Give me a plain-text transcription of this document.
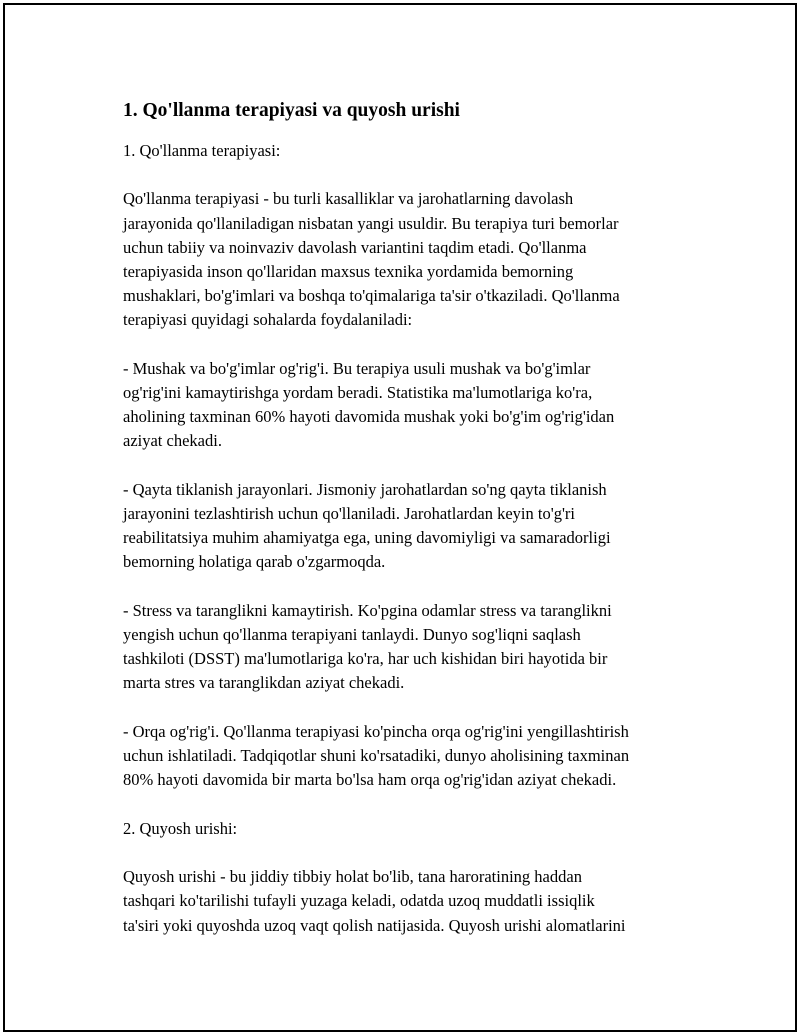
1. Qo'llanma terapiyasi va quyosh urishi
1. Qo'llanma terapiyasi:

Qo'llanma terapiyasi - bu turli kasalliklar va jarohatlarning davolash
jarayonida qo'llaniladigan nisbatan yangi usuldir. Bu terapiya turi bemorlar
uchun tabiiy va noinvaziv davolash variantini taqdim etadi. Qo'llanma
terapiyasida inson qo'llaridan maxsus texnika yordamida bemorning
mushaklari, bo'g'imlari va boshqa to'qimalariga ta'sir o'tkaziladi. Qo'llanma
terapiyasi quyidagi sohalarda foydalaniladi:

- Mushak va bo'g'imlar og'rig'i. Bu terapiya usuli mushak va bo'g'imlar
og'rig'ini kamaytirishga yordam beradi. Statistika ma'lumotlariga ko'ra,
aholining taxminan 60% hayoti davomida mushak yoki bo'g'im og'rig'idan
aziyat chekadi.

- Qayta tiklanish jarayonlari. Jismoniy jarohatlardan so'ng qayta tiklanish
jarayonini tezlashtirish uchun qo'llaniladi. Jarohatlardan keyin to'g'ri
reabilitatsiya muhim ahamiyatga ega, uning davomiyligi va samaradorligi
bemorning holatiga qarab o'zgarmoqda.

- Stress va taranglikni kamaytirish. Ko'pgina odamlar stress va taranglikni
yengish uchun qo'llanma terapiyani tanlaydi. Dunyo sog'liqni saqlash
tashkiloti (DSST) ma'lumotlariga ko'ra, har uch kishidan biri hayotida bir
marta stres va taranglikdan aziyat chekadi.

- Orqa og'rig'i. Qo'llanma terapiyasi ko'pincha orqa og'rig'ini yengillashtirish
uchun ishlatiladi. Tadqiqotlar shuni ko'rsatadiki, dunyo aholisining taxminan
80% hayoti davomida bir marta bo'lsa ham orqa og'rig'idan aziyat chekadi.

2. Quyosh urishi:

Quyosh urishi - bu jiddiy tibbiy holat bo'lib, tana haroratining haddan
tashqari ko'tarilishi tufayli yuzaga keladi, odatda uzoq muddatli issiqlik
ta'siri yoki quyoshda uzoq vaqt qolish natijasida. Quyosh urishi alomatlarini
